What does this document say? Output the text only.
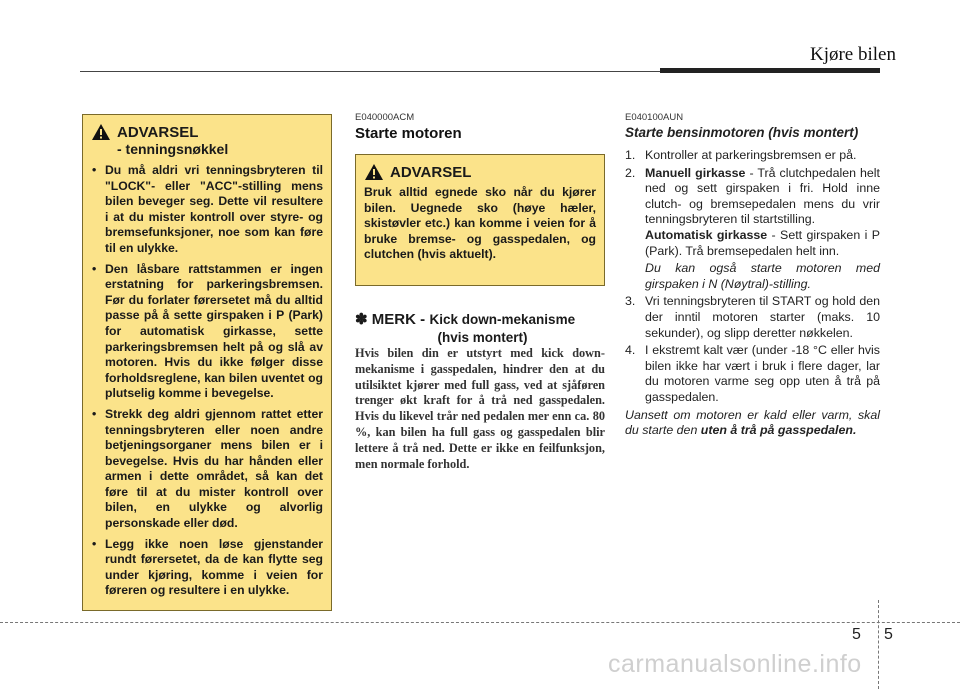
Kjøre bilen
ADVARSEL
- tenningsnøkkel
• Du må aldri vri tenningsbryteren til "LOCK"- eller "ACC"-stilling mens bilen beveger seg. Dette vil resultere i at du mister kontroll over styre- og bremsefunksjoner, noe som kan føre til en ulykke.
• Den låsbare rattstammen er ingen erstatning for parkeringsbremsen. Før du forlater førersetet må du alltid passe på å sette girspaken i P (Park) for automatisk girkasse, sette parkeringsbremsen helt på og slå av motoren. Hvis du ikke følger disse forholdsreglene, kan bilen uventet og plutselig komme i bevegelse.
• Strekk deg aldri gjennom rattet etter tenningsbryteren eller noen andre betjeningsorganer mens bilen er i bevegelse. Hvis du har hånden eller armen i dette området, så kan det føre til at du mister kontroll over bilen, en ulykke og alvorlig personskade eller død.
• Legg ikke noen løse gjenstander rundt førersetet, da de kan flytte seg under kjøring, komme i veien for føreren og resultere i en ulykke.
E040000ACM
Starte motoren
ADVARSEL
Bruk alltid egnede sko når du kjører bilen. Uegnede sko (høye hæler, skistøvler etc.) kan komme i veien for å bruke bremse- og gasspedalen, og clutchen (hvis aktuelt).
✽ MERK - Kick down-mekanisme
(hvis montert)
Hvis bilen din er utstyrt med kick down-mekanisme i gasspedalen, hindrer den at du utilsiktet kjører med full gass, ved at sjåføren trenger økt kraft for å trå ned gasspedalen. Hvis du likevel trår ned pedalen mer enn ca. 80 %, kan bilen ha full gass og gasspedalen blir lettere å trå ned. Dette er ikke en feilfunksjon, men normale forhold.
E040100AUN
Starte bensinmotoren (hvis montert)
1. Kontroller at parkeringsbremsen er på.
2. Manuell girkasse - Trå clutchpedalen helt ned og sett girspaken i fri. Hold inne clutch- og bremsepedalen mens du vrir tenningsbryteren til startstilling.
Automatisk girkasse - Sett girspaken i P (Park). Trå bremsepedalen helt inn.
Du kan også starte motoren med girspaken i N (Nøytral)-stilling.
3. Vri tenningsbryteren til START og hold den der inntil motoren starter (maks. 10 sekunder), og slipp deretter nøkkelen.
4. I ekstremt kalt vær (under -18 °C eller hvis bilen ikke har vært i bruk i flere dager, lar du motoren varme seg opp uten å trå på gasspedalen.
Uansett om motoren er kald eller varm, skal du starte den uten å trå på gasspedalen.
5 5
carmanualsonline.info
